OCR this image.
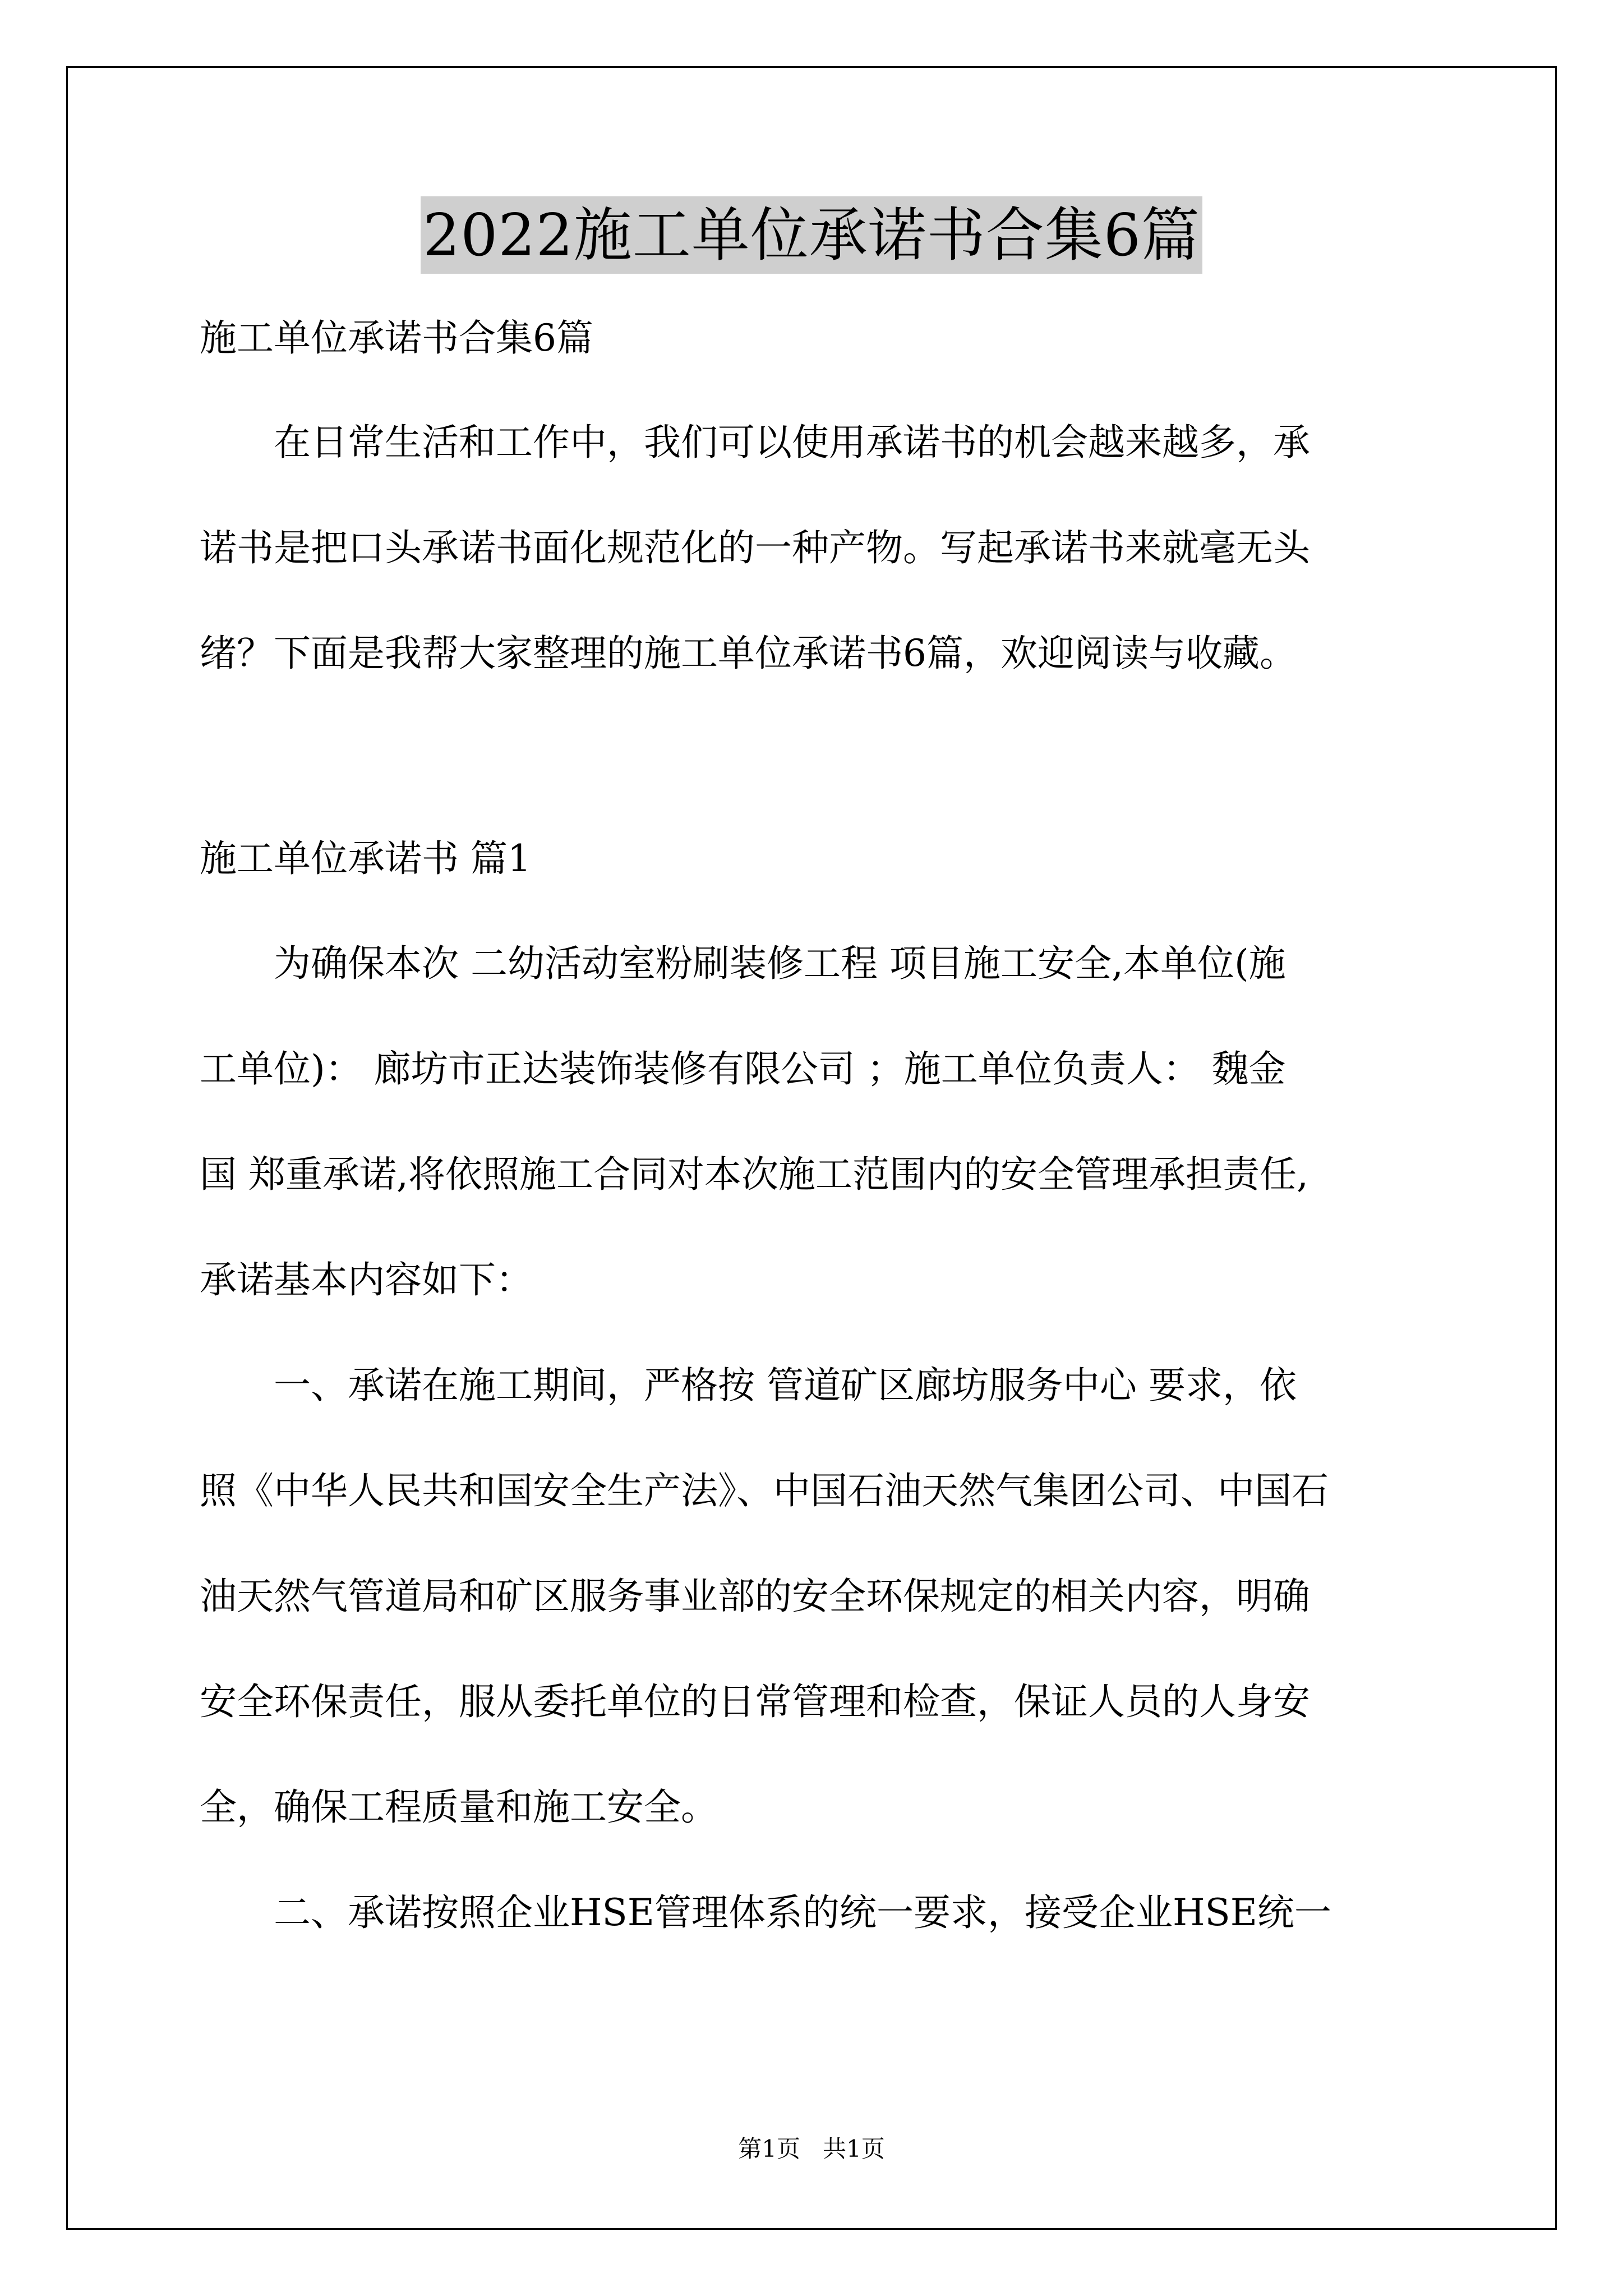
2022施工单位承诺书合集6篇
施工单位承诺书合集6篇
在日常生活和工作中，我们可以使用承诺书的机会越来越多，承
诺书是把口头承诺书面化规范化的一种产物。写起承诺书来就毫无头
绪？下面是我帮大家整理的施工单位承诺书6篇，欢迎阅读与收藏。
施工单位承诺书 篇1
为确保本次 二幼活动室粉刷装修工程 项目施工安全,本单位(施
工单位)： 廊坊市正达装饰装修有限公司 ；施工单位负责人： 魏金
国 郑重承诺,将依照施工合同对本次施工范围内的安全管理承担责任,
承诺基本内容如下：
一、承诺在施工期间，严格按 管道矿区廊坊服务中心 要求，依
照《中华人民共和国安全生产法》、中国石油天然气集团公司、中国石
油天然气管道局和矿区服务事业部的安全环保规定的相关内容，明确
安全环保责任，服从委托单位的日常管理和检查，保证人员的人身安
全，确保工程质量和施工安全。
二、承诺按照企业HSE管理体系的统一要求，接受企业HSE统一
第1页   共1页
